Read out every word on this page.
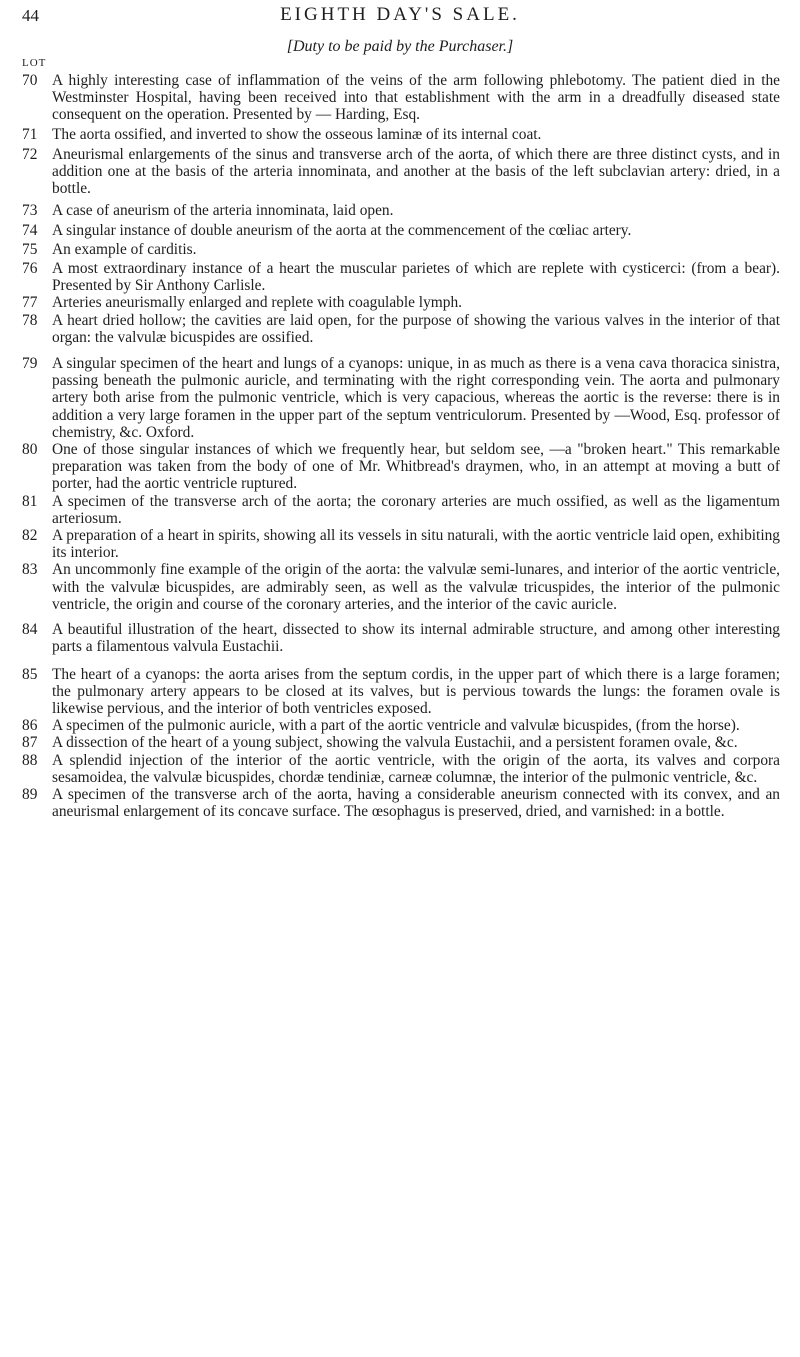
44	EIGHTH DAY'S SALE.
[Duty to be paid by the Purchaser.]
LOT
70 A highly interesting case of inflammation of the veins of the arm following phlebotomy. The patient died in the Westminster Hospital, having been received into that establishment with the arm in a dreadfully diseased state consequent on the operation. Presented by — Harding, Esq.
71 The aorta ossified, and inverted to show the osseous laminæ of its internal coat.
72 Aneurismal enlargements of the sinus and transverse arch of the aorta, of which there are three distinct cysts, and in addition one at the basis of the arteria innominata, and another at the basis of the left subclavian artery: dried, in a bottle.
73 A case of aneurism of the arteria innominata, laid open.
74 A singular instance of double aneurism of the aorta at the commencement of the cœliac artery.
75 An example of carditis.
76 A most extraordinary instance of a heart the muscular parietes of which are replete with cysticerci: (from a bear). Presented by Sir Anthony Carlisle.
77 Arteries aneurismally enlarged and replete with coagulable lymph.
78 A heart dried hollow; the cavities are laid open, for the purpose of showing the various valves in the interior of that organ: the valvulæ bicuspides are ossified.
79 A singular specimen of the heart and lungs of a cyanops: unique, in as much as there is a vena cava thoracica sinistra, passing beneath the pulmonic auricle, and terminating with the right corresponding vein. The aorta and pulmonary artery both arise from the pulmonic ventricle, which is very capacious, whereas the aortic is the reverse: there is in addition a very large foramen in the upper part of the septum ventriculorum. Presented by —Wood, Esq. professor of chemistry, &c. Oxford.
80 One of those singular instances of which we frequently hear, but seldom see, —a "broken heart." This remarkable preparation was taken from the body of one of Mr. Whitbread's draymen, who, in an attempt at moving a butt of porter, had the aortic ventricle ruptured.
81 A specimen of the transverse arch of the aorta; the coronary arteries are much ossified, as well as the ligamentum arteriosum.
82 A preparation of a heart in spirits, showing all its vessels in situ naturali, with the aortic ventricle laid open, exhibiting its interior.
83 An uncommonly fine example of the origin of the aorta: the valvulæ semi-lunares, and interior of the aortic ventricle, with the valvulæ bicuspides, are admirably seen, as well as the valvulæ tricuspides, the interior of the pulmonic ventricle, the origin and course of the coronary arteries, and the interior of the cavic auricle.
84 A beautiful illustration of the heart, dissected to show its internal admirable structure, and among other interesting parts a filamentous valvula Eustachii.
85 The heart of a cyanops: the aorta arises from the septum cordis, in the upper part of which there is a large foramen; the pulmonary artery appears to be closed at its valves, but is pervious towards the lungs: the foramen ovale is likewise pervious, and the interior of both ventricles exposed.
86 A specimen of the pulmonic auricle, with a part of the aortic ventricle and valvulæ bicuspides, (from the horse).
87 A dissection of the heart of a young subject, showing the valvula Eustachii, and a persistent foramen ovale, &c.
88 A splendid injection of the interior of the aortic ventricle, with the origin of the aorta, its valves and corpora sesamoidea, the valvulæ bicuspides, chordæ tendiniæ, carneæ columnæ, the interior of the pulmonic ventricle, &c.
89 A specimen of the transverse arch of the aorta, having a considerable aneurism connected with its convex, and an aneurismal enlargement of its concave surface. The œsophagus is preserved, dried, and varnished: in a bottle.
